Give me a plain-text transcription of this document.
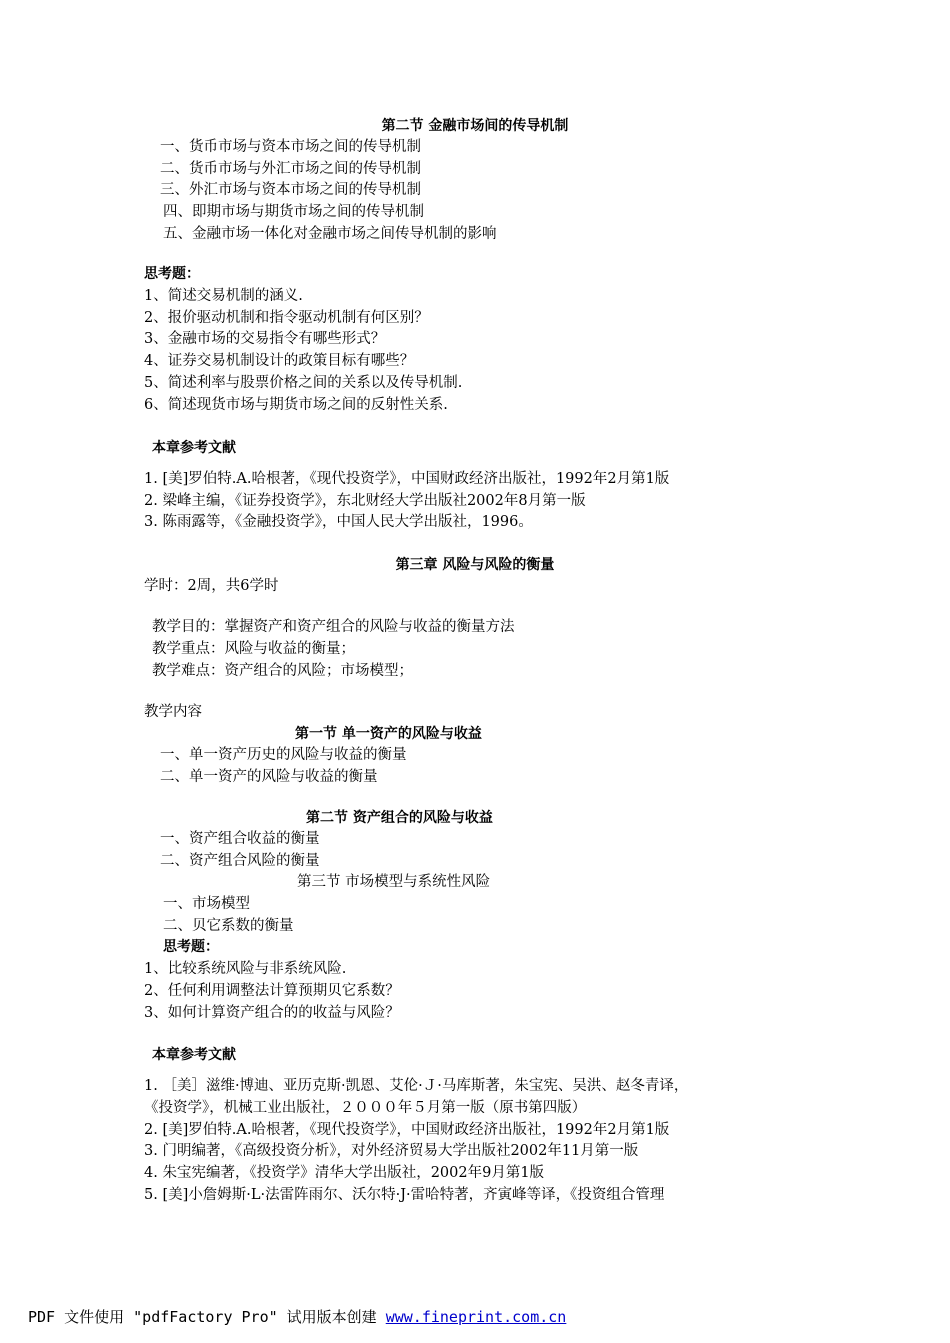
第二节 金融市场间的传导机制
一、货币市场与资本市场之间的传导机制
二、货币市场与外汇市场之间的传导机制
三、外汇市场与资本市场之间的传导机制
四、即期市场与期货市场之间的传导机制
五、金融市场一体化对金融市场之间传导机制的影响
思考题：
1、简述交易机制的涵义.
2、报价驱动机制和指令驱动机制有何区别？
3、金融市场的交易指令有哪些形式？
4、证券交易机制设计的政策目标有哪些？
5、简述利率与股票价格之间的关系以及传导机制.
6、简述现货市场与期货市场之间的反射性关系.
本章参考文献
1. [美]罗伯特.A.哈根著，《现代投资学》，中国财政经济出版社，1992年2月第1版
2. 梁峰主编，《证券投资学》，东北财经大学出版社2002年8月第一版
3. 陈雨露等，《金融投资学》，中国人民大学出版社，1996。
第三章 风险与风险的衡量
学时：2周，共6学时
教学目的：掌握资产和资产组合的风险与收益的衡量方法
教学重点：风险与收益的衡量；
教学难点：资产组合的风险；市场模型；
教学内容
第一节 单一资产的风险与收益
一、单一资产历史的风险与收益的衡量
二、单一资产的风险与收益的衡量
第二节 资产组合的风险与收益
一、资产组合收益的衡量
二、资产组合风险的衡量
第三节 市场模型与系统性风险
一、市场模型
二、贝它系数的衡量
思考题：
1、比较系统风险与非系统风险.
2、任何利用调整法计算预期贝它系数？
3、如何计算资产组合的的收益与风险？
本章参考文献
1. ［美］滋维·博迪、亚历克斯·凯恩、艾伦·Ｊ·马库斯著，朱宝宪、吴洪、赵冬青译，
《投资学》，机械工业出版社，２０００年５月第一版（原书第四版）
2. [美]罗伯特.A.哈根著，《现代投资学》，中国财政经济出版社，1992年2月第1版
3. 门明编著，《高级投资分析》，对外经济贸易大学出版社2002年11月第一版
4. 朱宝宪编著，《投资学》清华大学出版社，2002年9月第1版
5. [美]小詹姆斯·L·法雷阵雨尔、沃尔特·J·雷哈特著，齐寅峰等译，《投资组合管理
PDF 文件使用 "pdfFactory Pro" 试用版本创建 www.fineprint.com.cn
